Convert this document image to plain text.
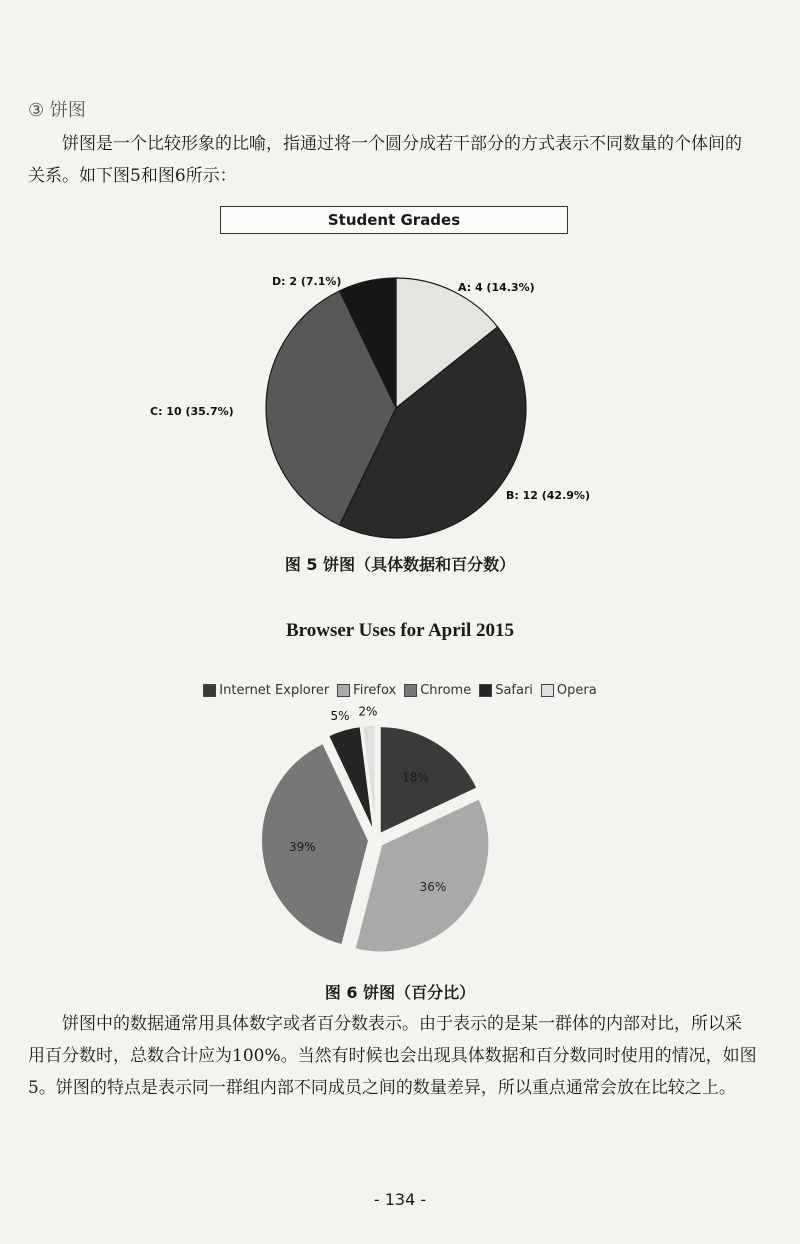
③ 饼图
饼图是一个比较形象的比喻，指通过将一个圆分成若干部分的方式表示不同数量的个体间的关系。如下图5和图6所示：
Student Grades
A: 4 (14.3%)
B: 12 (42.9%)
C: 10 (35.7%)
D: 2 (7.1%)
图 5 饼图（具体数据和百分数）
Browser Uses for April 2015
Internet Explorer Firefox Chrome Safari Opera
18%
36%
39%
5% 2%
图 6 饼图（百分比）
饼图中的数据通常用具体数字或者百分数表示。由于表示的是某一群体的内部对比，所以采用百分数时，总数合计应为100%。当然有时候也会出现具体数据和百分数同时使用的情况，如图5。饼图的特点是表示同一群组内部不同成员之间的数量差异，所以重点通常会放在比较之上。
- 134 -
